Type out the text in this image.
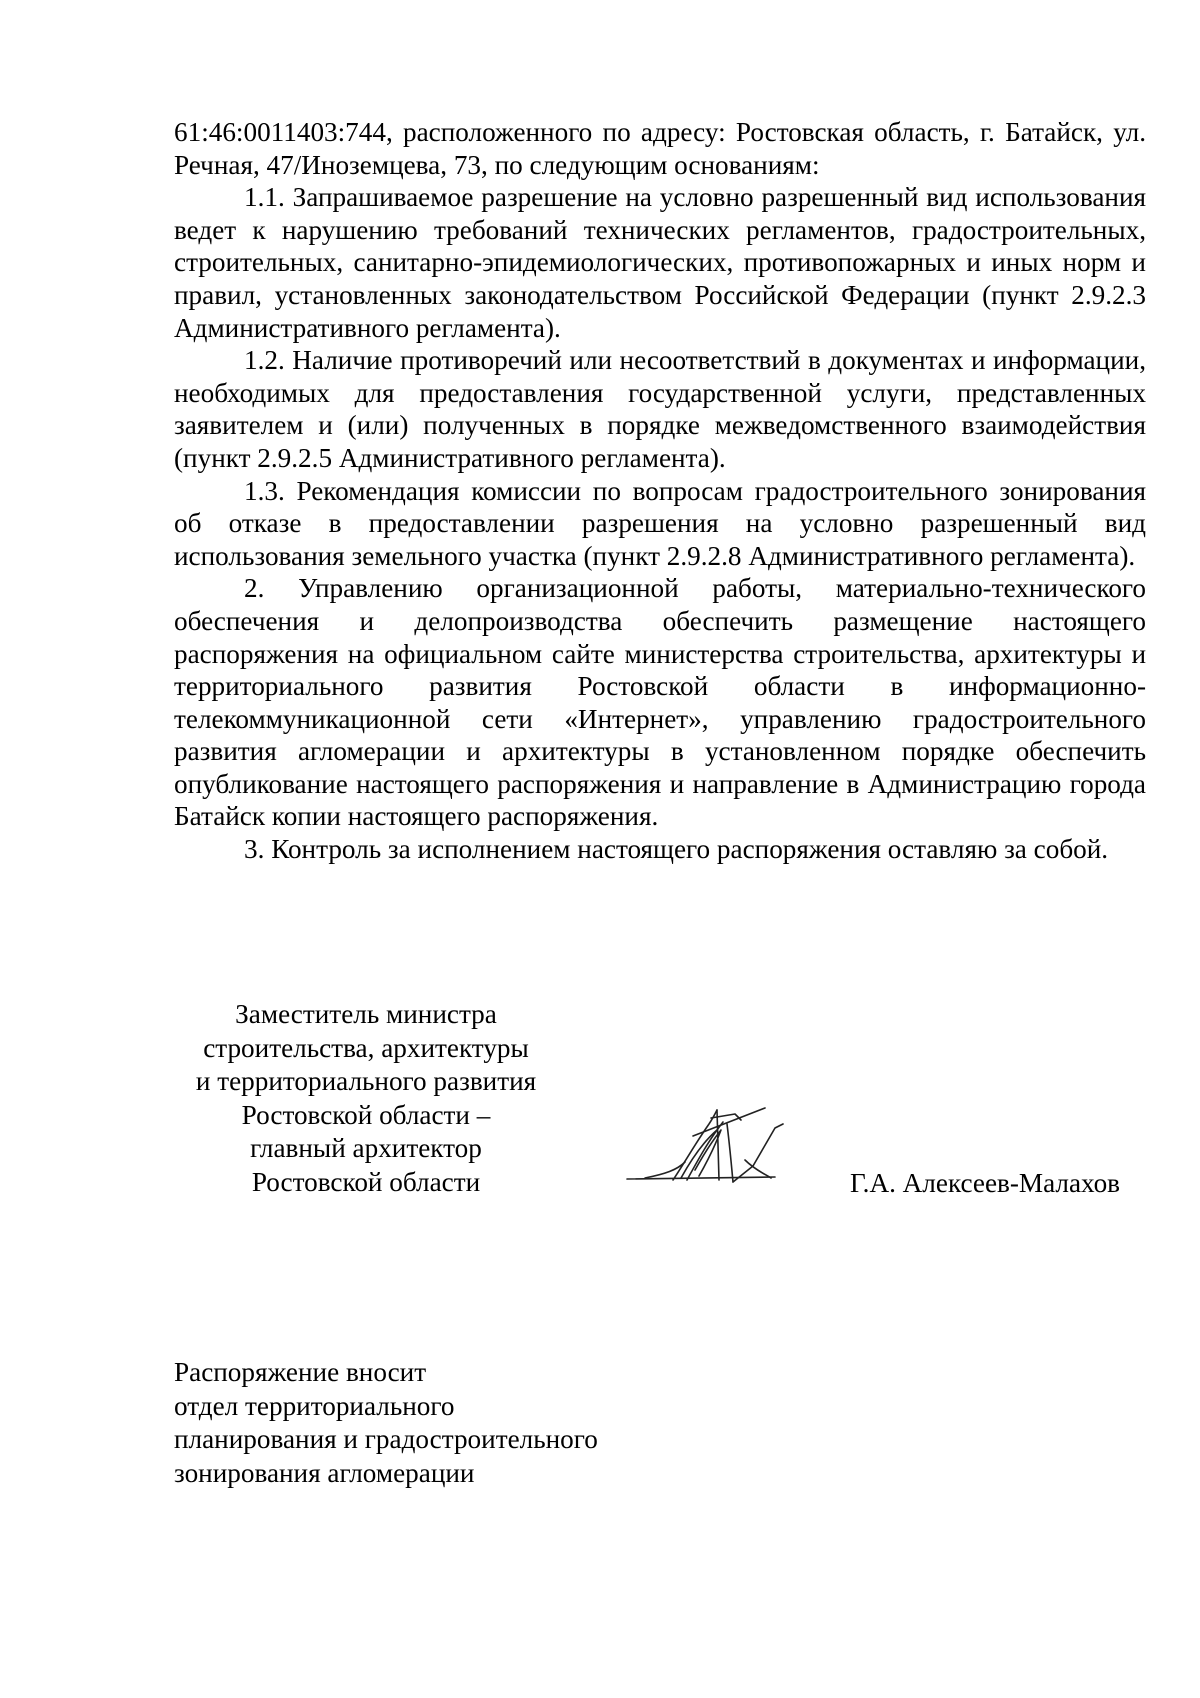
61:46:0011403:744, расположенного по адресу: Ростовская область, г. Батайск, ул. Речная, 47/Иноземцева, 73, по следующим основаниям:

1.1. Запрашиваемое разрешение на условно разрешенный вид использования ведет к нарушению требований технических регламентов, градостроительных, строительных, санитарно-эпидемиологических, противопожарных и иных норм и правил, установленных законодательством Российской Федерации (пункт 2.9.2.3 Административного регламента).

1.2. Наличие противоречий или несоответствий в документах и информации, необходимых для предоставления государственной услуги, представленных заявителем и (или) полученных в порядке межведомственного взаимодействия (пункт 2.9.2.5 Административного регламента).

1.3. Рекомендация комиссии по вопросам градостроительного зонирования об отказе в предоставлении разрешения на условно разрешенный вид использования земельного участка (пункт 2.9.2.8 Административного регламента).

2. Управлению организационной работы, материально-технического обеспечения и делопроизводства обеспечить размещение настоящего распоряжения на официальном сайте министерства строительства, архитектуры и территориального развития Ростовской области в информационно-телекоммуникационной сети «Интернет», управлению градостроительного развития агломерации и архитектуры в установленном порядке обеспечить опубликование настоящего распоряжения и направление в Администрацию города Батайск копии настоящего распоряжения.

3. Контроль за исполнением настоящего распоряжения оставляю за собой.

Заместитель министра
строительства, архитектуры
и территориального развития
Ростовской области –
главный архитектор
Ростовской области	Г.А. Алексеев-Малахов
Распоряжение вносит
отдел территориального
планирования и градостроительного
зонирования агломерации
